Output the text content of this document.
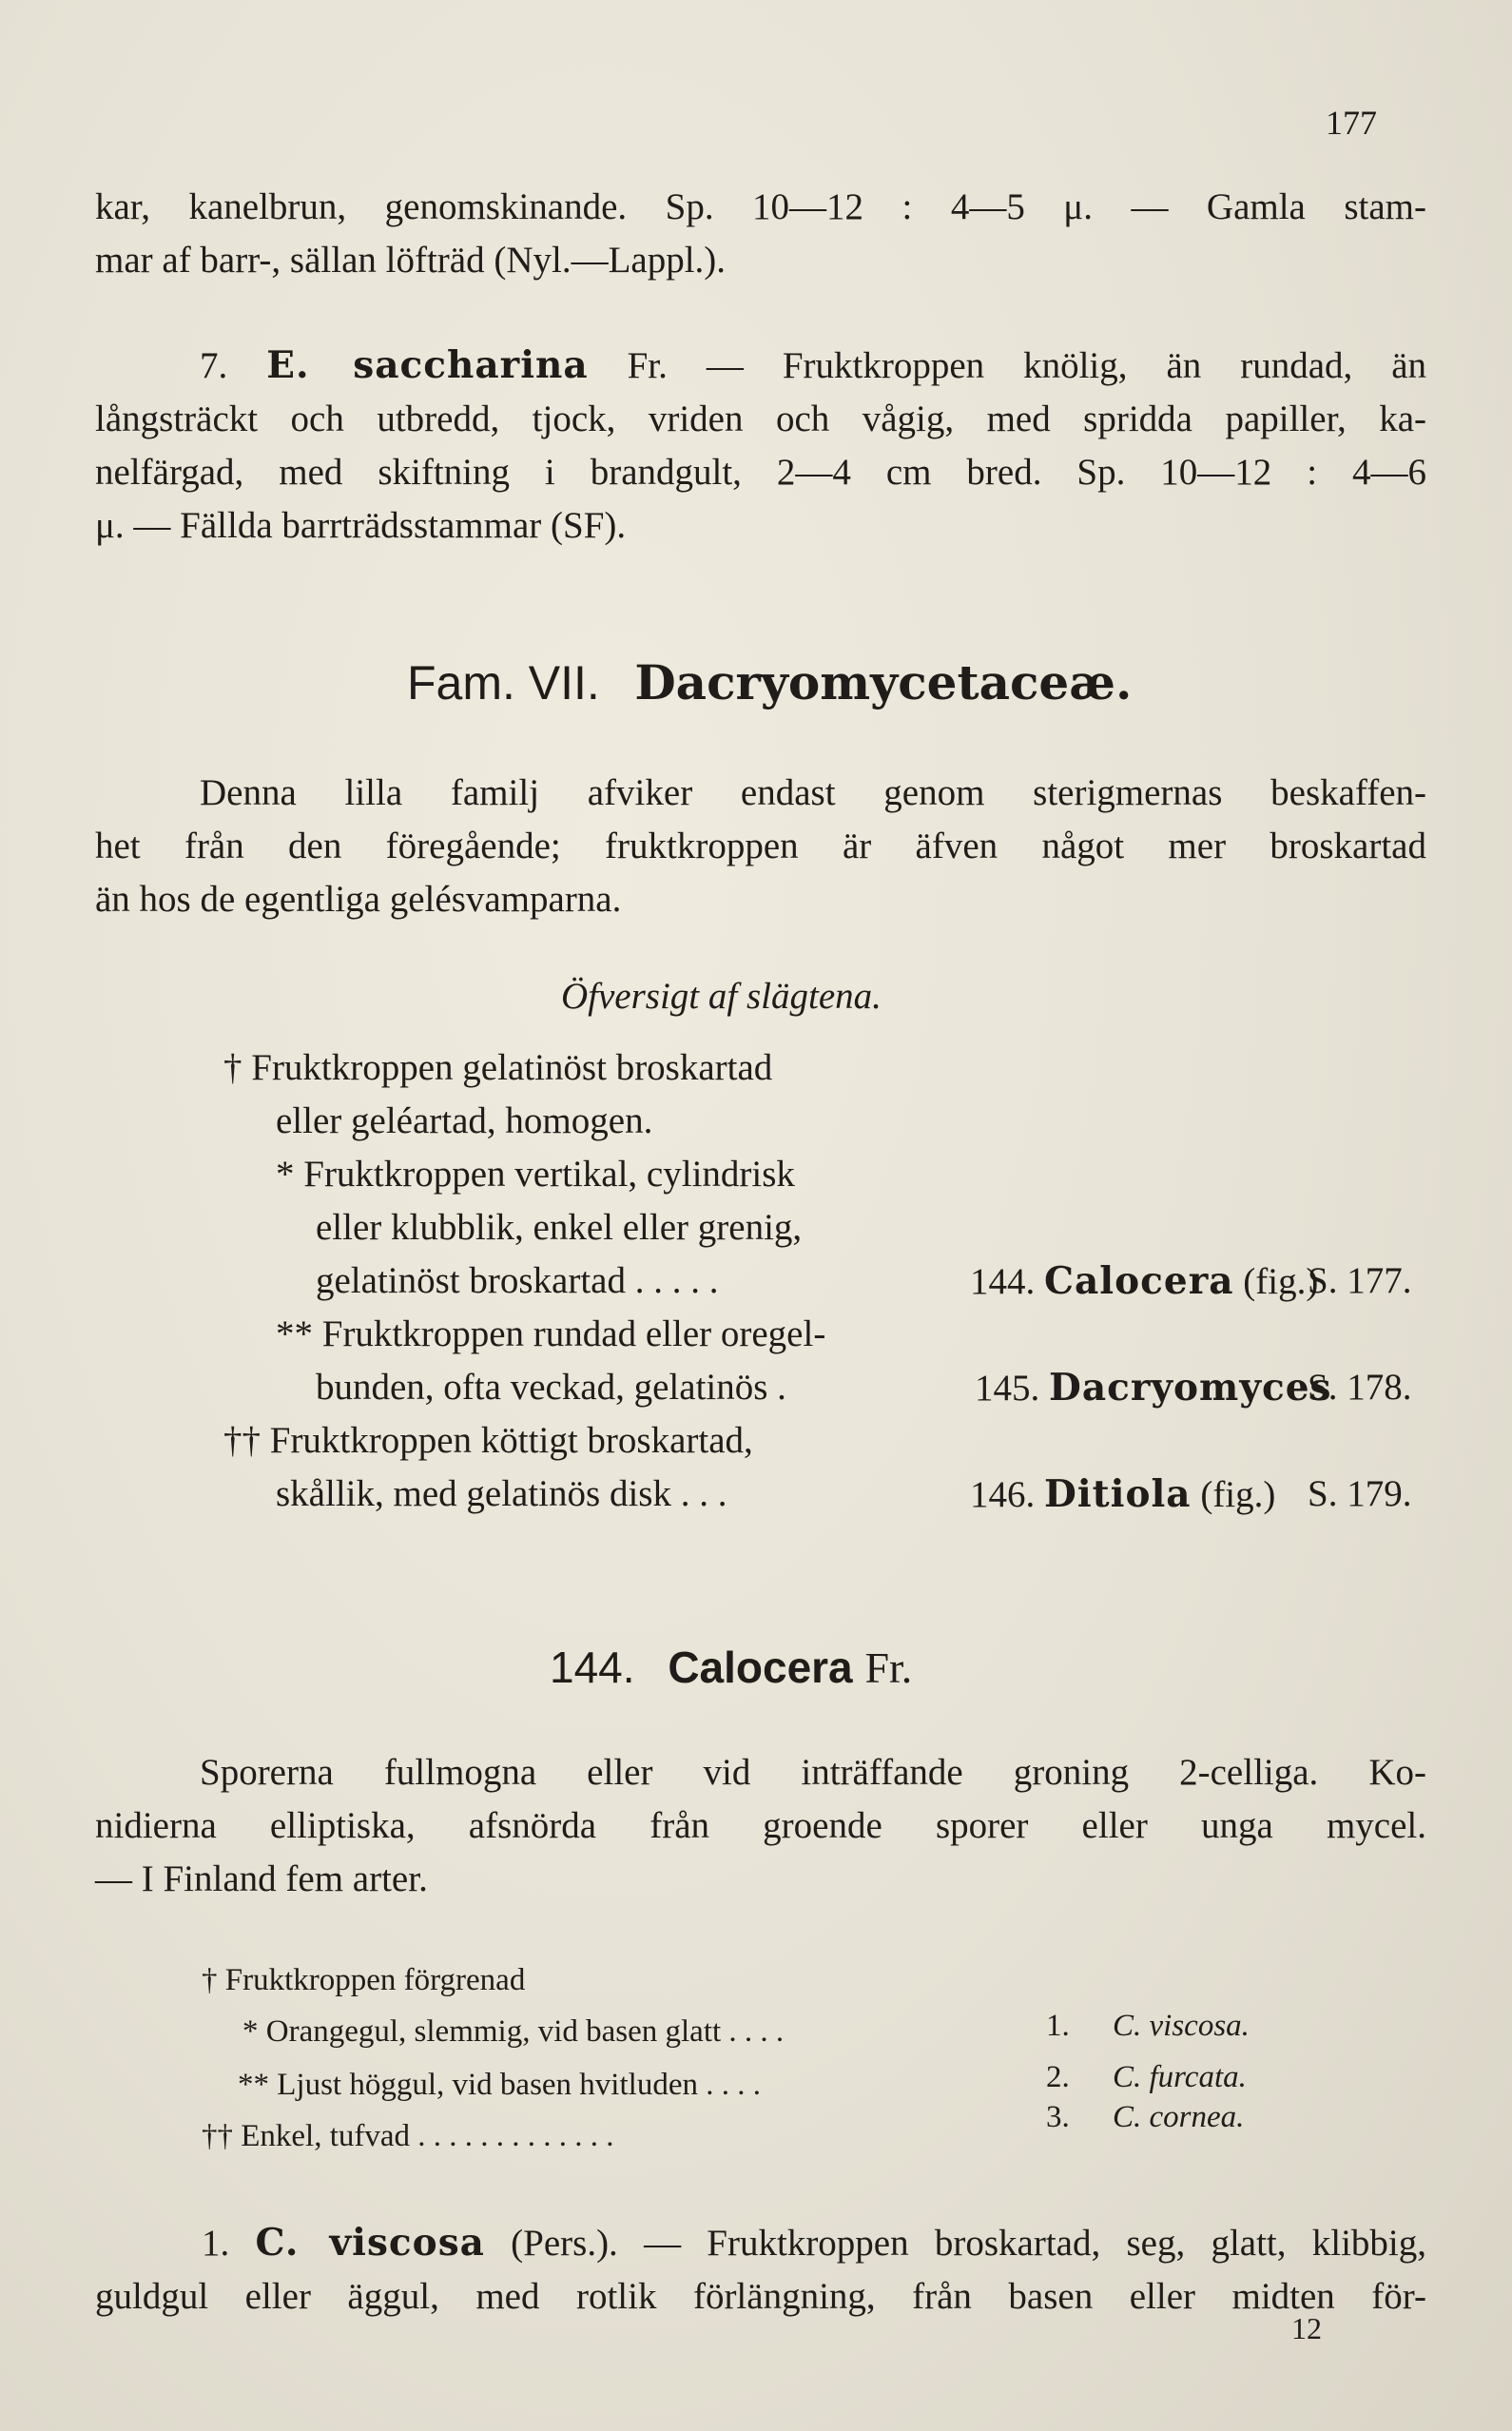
177
kar, kanelbrun, genomskinande. Sp. 10—12 : 4—5 μ. — Gamla stam-
mar af barr-, sällan löfträd (Nyl.—Lappl.).
7. E. saccharina Fr. — Fruktkroppen knölig, än rundad, än
långsträckt och utbredd, tjock, vriden och vågig, med spridda papiller, ka-
nelfärgad, med skiftning i brandgult, 2—4 cm bred. Sp. 10—12 : 4—6
μ. — Fällda barrträdsstammar (SF).
Fam. VII. Dacryomycetaceæ.
Denna lilla familj afviker endast genom sterigmernas beskaffen-
het från den föregående; fruktkroppen är äfven något mer broskartad
än hos de egentliga gelésvamparna.
Öfversigt af slägtena.
† Fruktkroppen gelatinöst broskartad
eller geléartad, homogen.
* Fruktkroppen vertikal, cylindrisk
eller klubblik, enkel eller grenig,
gelatinöst broskartad . . . . .
** Fruktkroppen rundad eller oregel-
bunden, ofta veckad, gelatinös .
†† Fruktkroppen köttigt broskartad,
skållik, med gelatinös disk . . .
144. Calocera (fig.)
S. 177.
145. Dacryomyces
S. 178.
146. Ditiola (fig.) S. 179.
144. Calocera Fr.
Sporerna fullmogna eller vid inträffande groning 2-celliga. Ko-
nidierna elliptiska, afsnörda från groende sporer eller unga mycel.
— I Finland fem arter.
† Fruktkroppen förgrenad
* Orangegul, slemmig, vid basen glatt . . . .	1. C. viscosa.
** Ljust höggul, vid basen hvitluden . . . .	2. C. furcata.
†† Enkel, tufvad . . . . . . . . . . . . .
3. C. cornea.
1. C. viscosa (Pers.). — Fruktkroppen broskartad, seg, glatt, klibbig,
guldgul eller äggul, med rotlik förlängning, från basen eller midten för-
12
